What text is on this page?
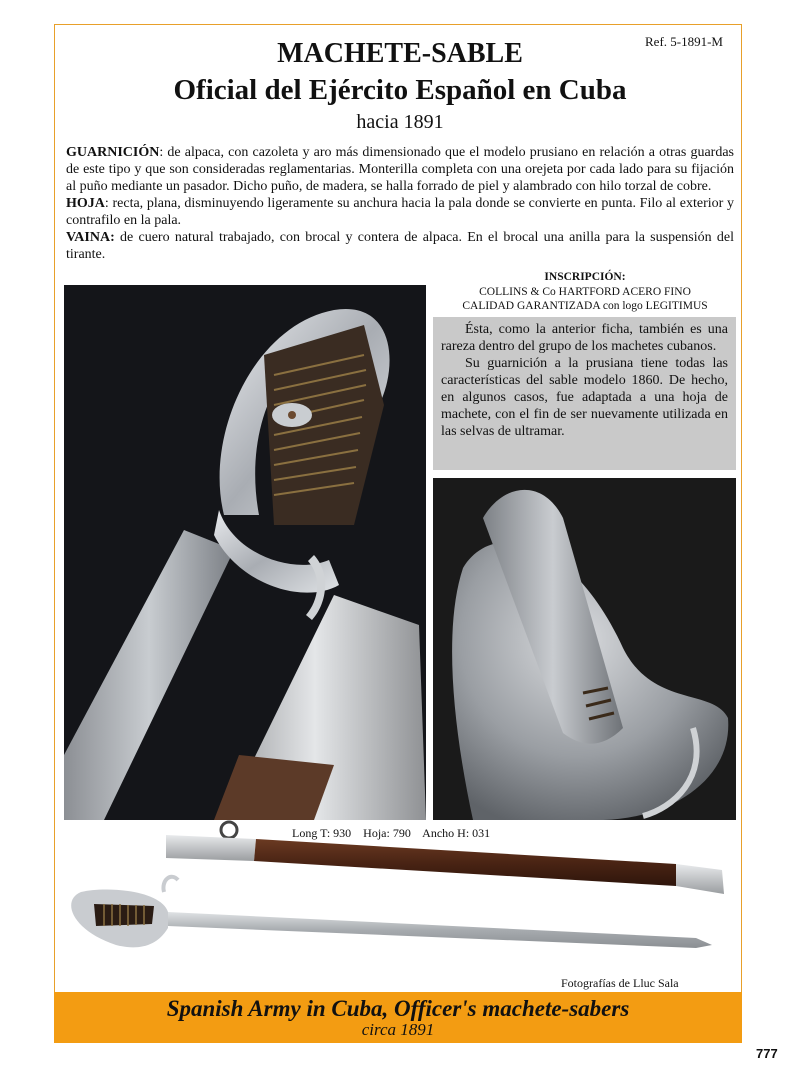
Ref. 5-1891-M
MACHETE-SABLE
Oficial del Ejército Español en Cuba
hacia 1891

GUARNICIÓN: de alpaca, con cazoleta y aro más dimensionado que el modelo prusiano en relación a otras guardas de este tipo y que son consideradas reglamentarias. Monterilla completa con una orejeta por cada lado para su fijación al puño mediante un pasador. Dicho puño, de madera, se halla forrado de piel y alambrado con hilo torzal de cobre.

HOJA: recta, plana, disminuyendo ligeramente su anchura hacia la pala donde se convierte en punta. Filo al exterior y contrafilo en la pala.

VAINA: de cuero natural trabajado, con brocal y contera de alpaca. En el brocal una anilla para la suspensión del tirante.

INSCRIPCIÓN:
COLLINS & Co HARTFORD ACERO FINO
CALIDAD GARANTIZADA con logo LEGITIMUS

Ésta, como la anterior ficha, también es una rareza dentro del grupo de los machetes cubanos.

Su guarnición a la prusiana tiene todas las características del sable modelo 1860. De hecho, en algunos casos, fue adaptada a una hoja de machete, con el fin de ser nuevamente utilizada en las selvas de ultramar.

Long T: 930    Hoja: 790    Ancho H: 031
Fotografías de Lluc Sala
Spanish Army in Cuba, Officer's machete-sabers
circa 1891
777
